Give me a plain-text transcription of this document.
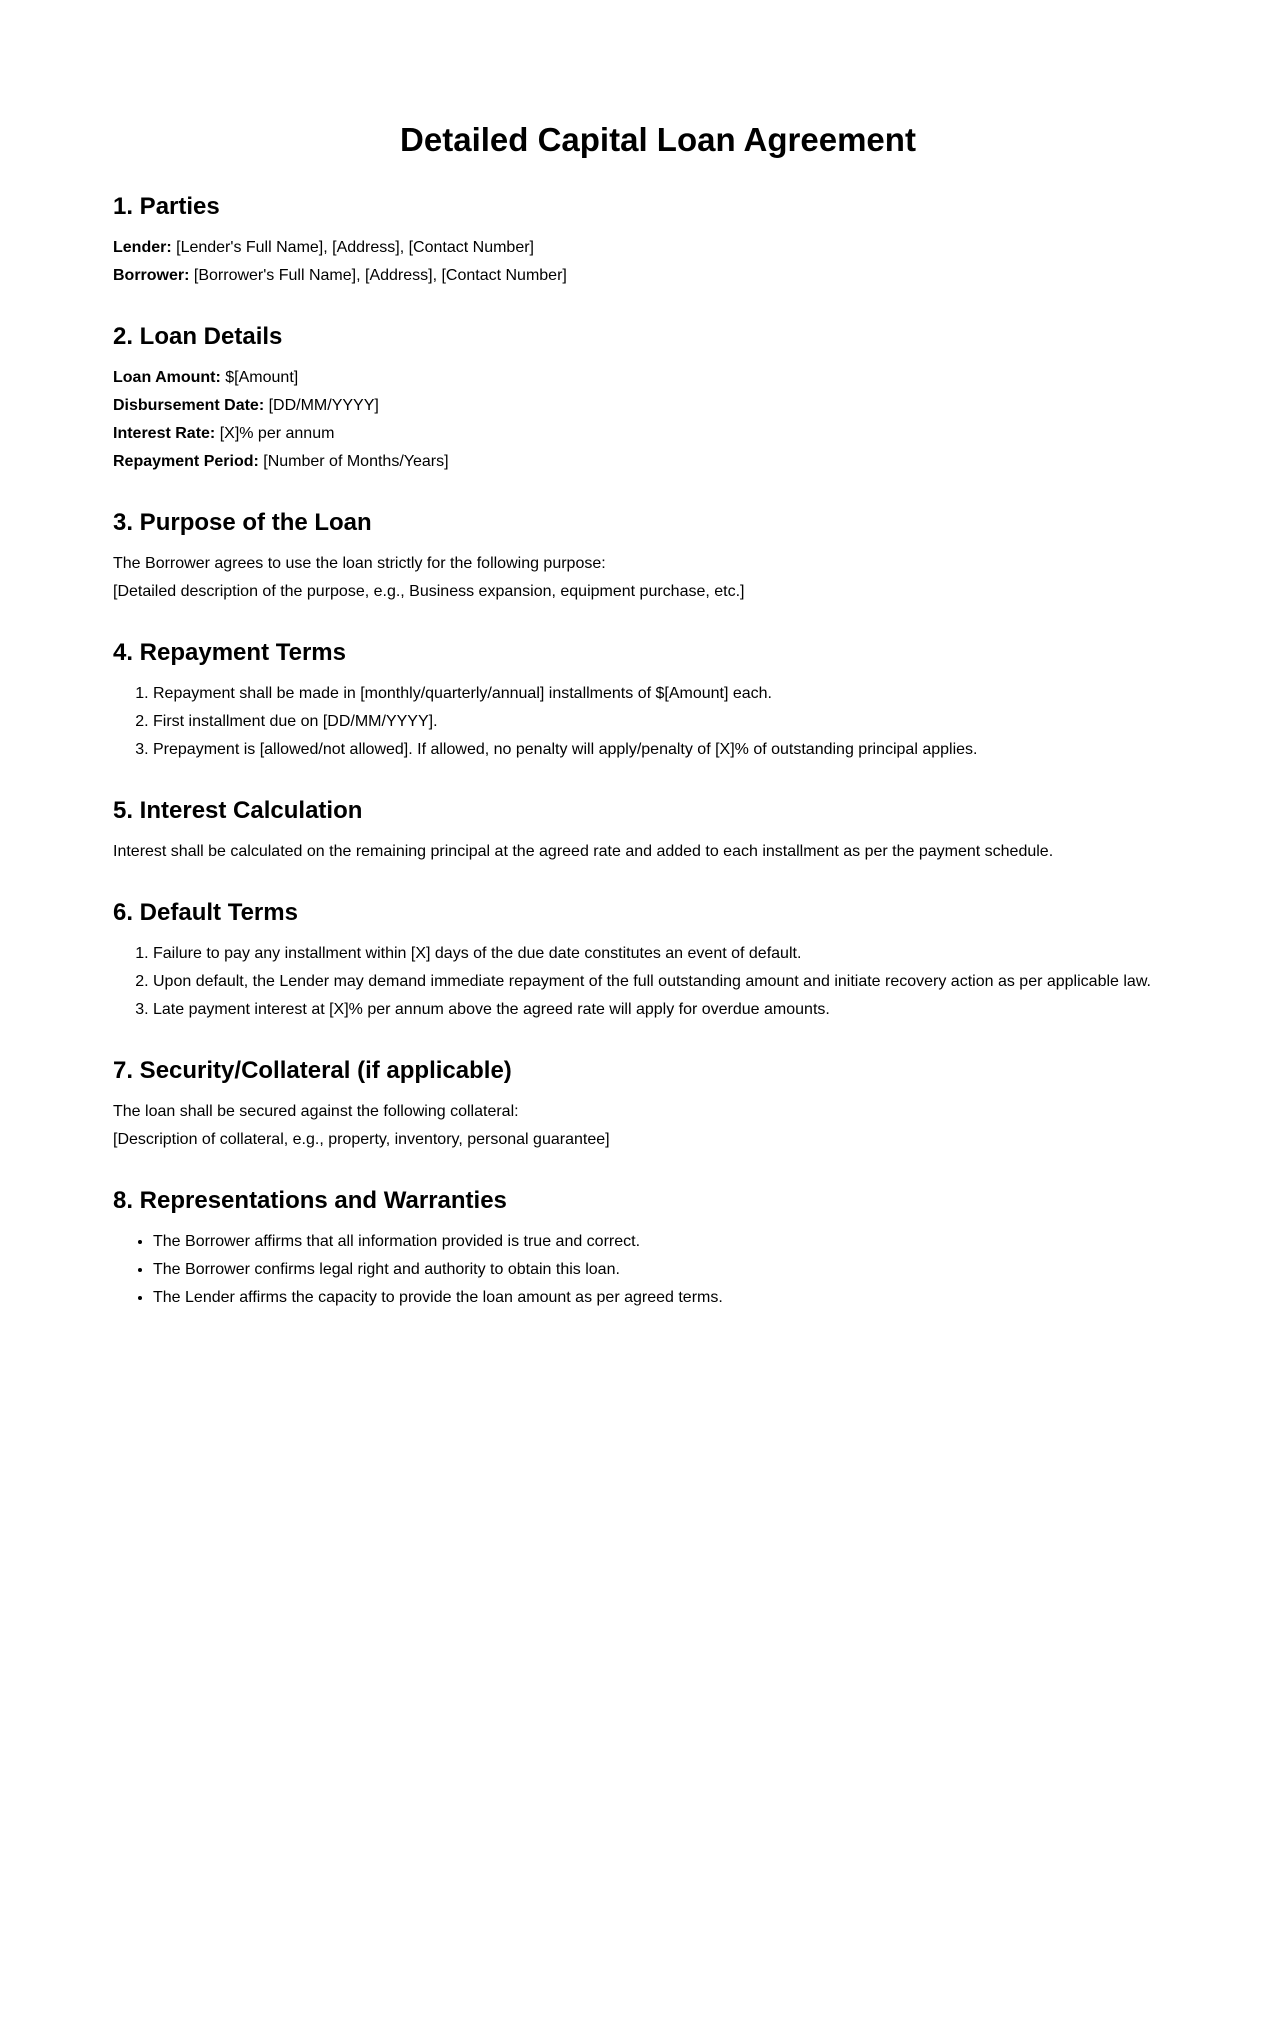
Detailed Capital Loan Agreement
1. Parties
Lender: [Lender's Full Name], [Address], [Contact Number]
Borrower: [Borrower's Full Name], [Address], [Contact Number]
2. Loan Details
Loan Amount: $[Amount]
Disbursement Date: [DD/MM/YYYY]
Interest Rate: [X]% per annum
Repayment Period: [Number of Months/Years]
3. Purpose of the Loan
The Borrower agrees to use the loan strictly for the following purpose:
[Detailed description of the purpose, e.g., Business expansion, equipment purchase, etc.]
4. Repayment Terms
1. Repayment shall be made in [monthly/quarterly/annual] installments of $[Amount] each.
2. First installment due on [DD/MM/YYYY].
3. Prepayment is [allowed/not allowed]. If allowed, no penalty will apply/penalty of [X]% of outstanding principal applies.
5. Interest Calculation
Interest shall be calculated on the remaining principal at the agreed rate and added to each installment as per the payment schedule.
6. Default Terms
1. Failure to pay any installment within [X] days of the due date constitutes an event of default.
2. Upon default, the Lender may demand immediate repayment of the full outstanding amount and initiate recovery action as per applicable law.
3. Late payment interest at [X]% per annum above the agreed rate will apply for overdue amounts.
7. Security/Collateral (if applicable)
The loan shall be secured against the following collateral:
[Description of collateral, e.g., property, inventory, personal guarantee]
8. Representations and Warranties
• The Borrower affirms that all information provided is true and correct.
• The Borrower confirms legal right and authority to obtain this loan.
• The Lender affirms the capacity to provide the loan amount as per agreed terms.
